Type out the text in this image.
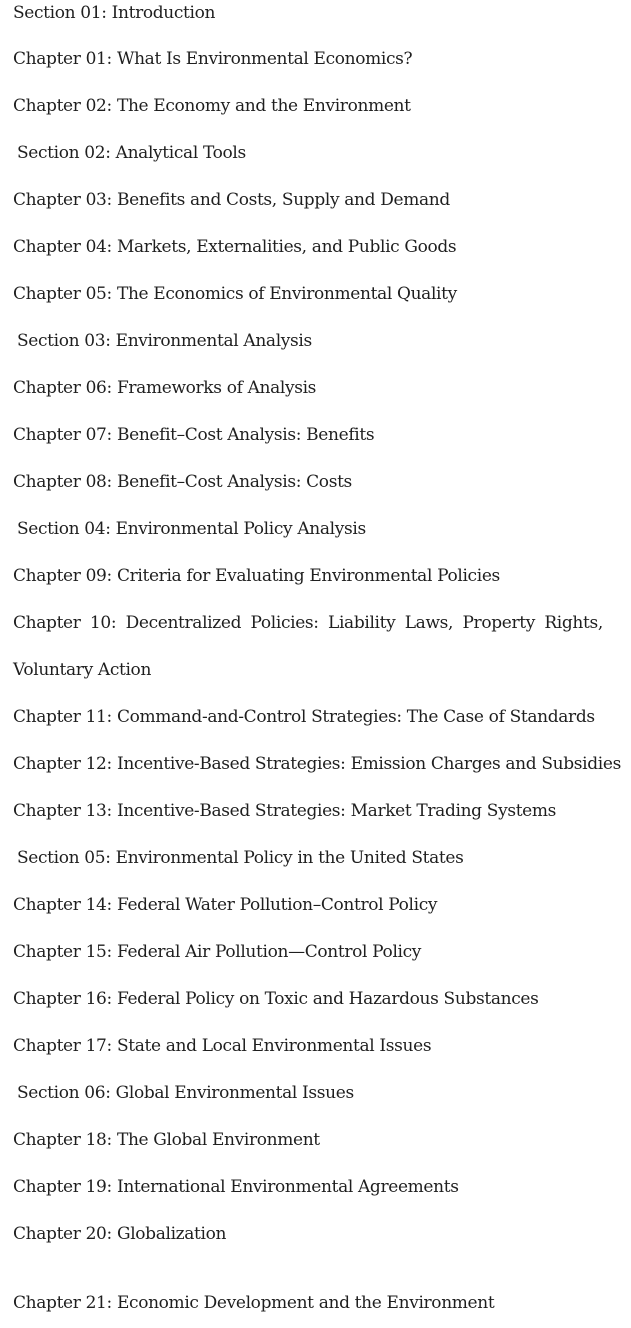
Section 01: Introduction
Chapter 01: What Is Environmental Economics?
Chapter 02: The Economy and the Environment
Section 02: Analytical Tools
Chapter 03: Benefits and Costs, Supply and Demand
Chapter 04: Markets, Externalities, and Public Goods
Chapter 05: The Economics of Environmental Quality
Section 03: Environmental Analysis
Chapter 06: Frameworks of Analysis
Chapter 07: Benefit–Cost Analysis: Benefits
Chapter 08: Benefit–Cost Analysis: Costs
Section 04: Environmental Policy Analysis
Chapter 09: Criteria for Evaluating Environmental Policies
Chapter 10: Decentralized Policies: Liability Laws, Property Rights,
Voluntary Action
Chapter 11: Command-and-Control Strategies: The Case of Standards
Chapter 12: Incentive-Based Strategies: Emission Charges and Subsidies
Chapter 13: Incentive-Based Strategies: Market Trading Systems
Section 05: Environmental Policy in the United States
Chapter 14: Federal Water Pollution–Control Policy
Chapter 15: Federal Air Pollution—Control Policy
Chapter 16: Federal Policy on Toxic and Hazardous Substances
Chapter 17: State and Local Environmental Issues
Section 06: Global Environmental Issues
Chapter 18: The Global Environment
Chapter 19: International Environmental Agreements
Chapter 20: Globalization
Chapter 21: Economic Development and the Environment
